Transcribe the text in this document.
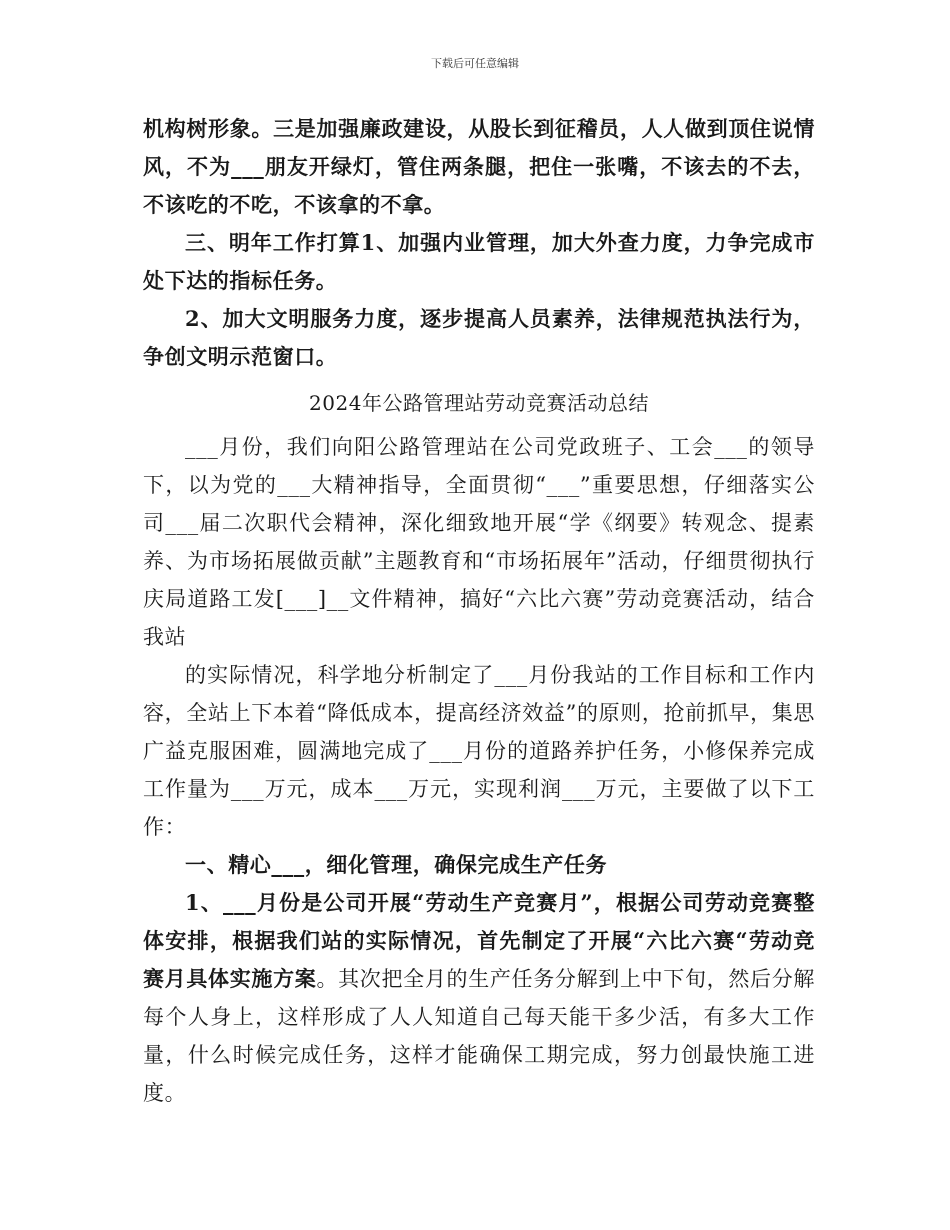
下载后可任意编辑

机构树形象。三是加强廉政建设，从股长到征稽员，人人做到顶住说情风，不为___朋友开绿灯，管住两条腿，把住一张嘴，不该去的不去，不该吃的不吃，不该拿的不拿。

三、明年工作打算1、加强内业管理，加大外查力度，力争完成市处下达的指标任务。

2、加大文明服务力度，逐步提高人员素养，法律规范执法行为，争创文明示范窗口。

2024年公路管理站劳动竞赛活动总结

___月份，我们向阳公路管理站在公司党政班子、工会___的领导下，以为党的___大精神指导，全面贯彻“___”重要思想，仔细落实公司___届二次职代会精神，深化细致地开展“学《纲要》转观念、提素养、为市场拓展做贡献”主题教育和“市场拓展年”活动，仔细贯彻执行庆局道路工发[___]__文件精神，搞好“六比六赛”劳动竞赛活动，结合我站

的实际情况，科学地分析制定了___月份我站的工作目标和工作内容，全站上下本着“降低成本，提高经济效益”的原则，抢前抓早，集思广益克服困难，圆满地完成了___月份的道路养护任务，小修保养完成工作量为___万元，成本___万元，实现利润___万元，主要做了以下工作：

一、精心___，细化管理，确保完成生产任务

1、___月份是公司开展“劳动生产竞赛月”，根据公司劳动竞赛整体安排，根据我们站的实际情况，首先制定了开展“六比六赛“劳动竞赛月具体实施方案。其次把全月的生产任务分解到上中下旬，然后分解每个人身上，这样形成了人人知道自己每天能干多少活，有多大工作量，什么时候完成任务，这样才能确保工期完成，努力创最快施工进度。
